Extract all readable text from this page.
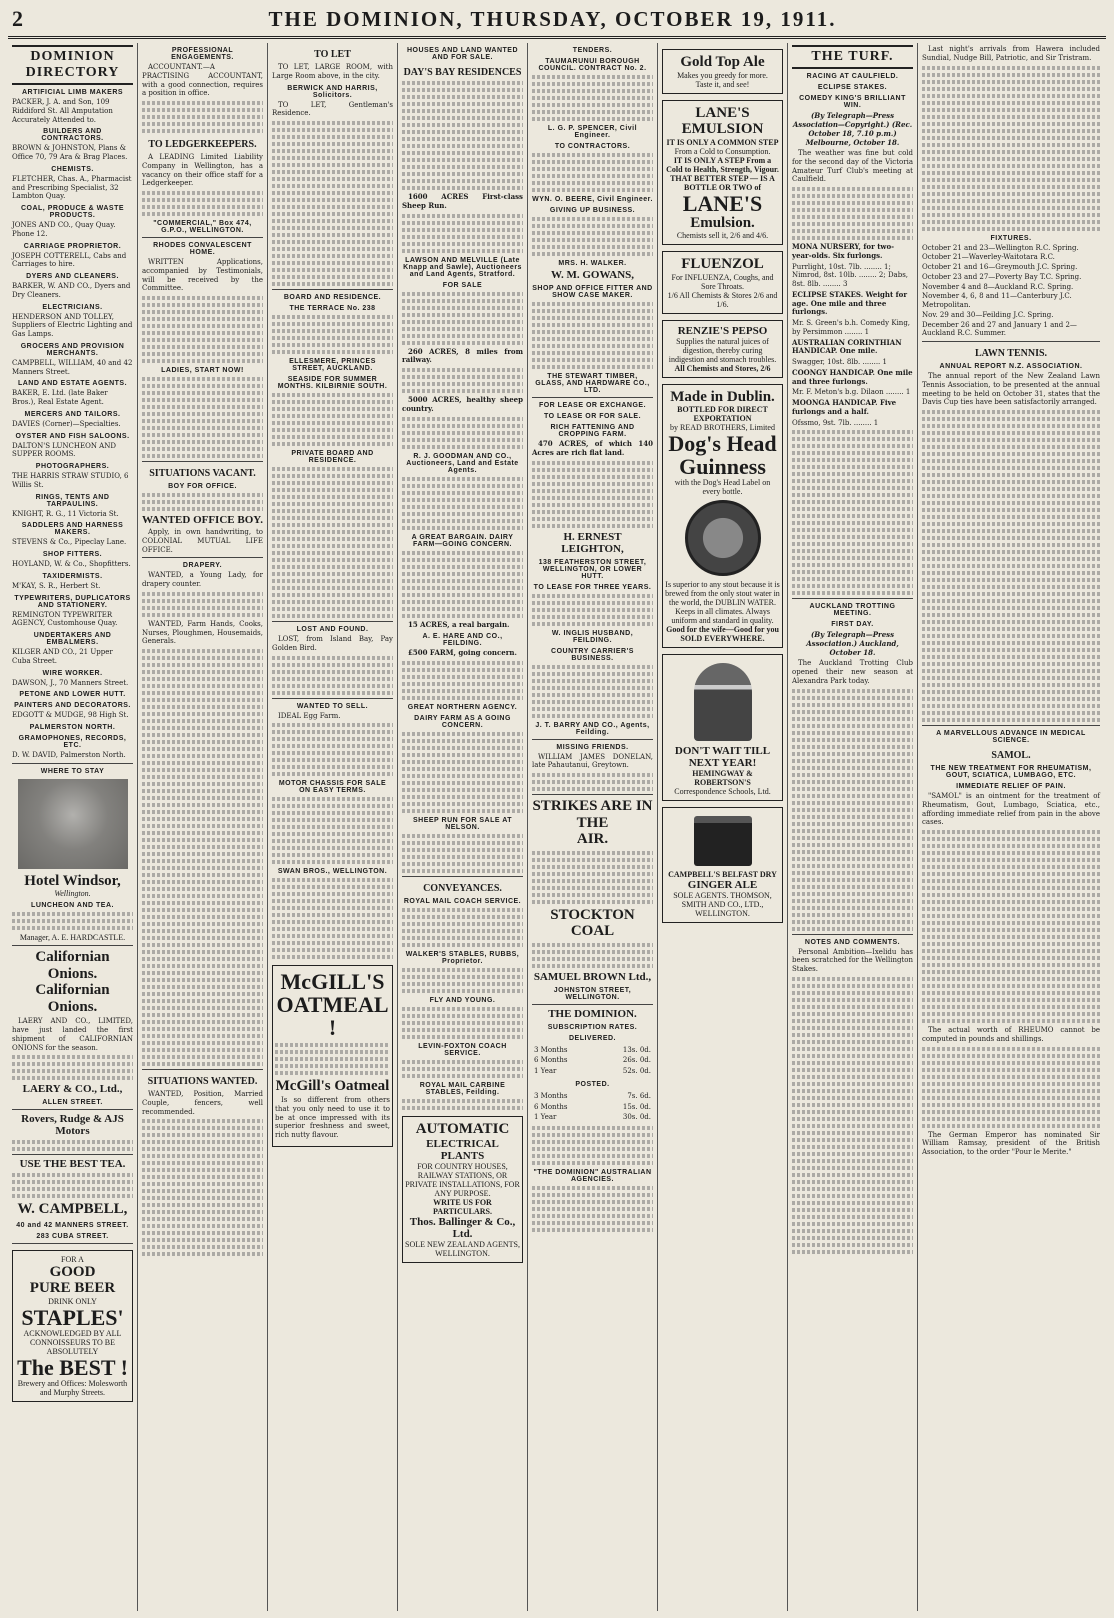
2	THE DOMINION, THURSDAY, OCTOBER 19, 1911.
DOMINION DIRECTORY
ARTIFICIAL LIMB MAKERS
PACKER, J. A. and Son, 109 Riddiford St. All Amputation Accurately Attended to.
BUILDERS AND CONTRACTORS.
BROWN & JOHNSTON, Plans & Office 70, 79 Ara & Brag Places.
CHEMISTS.
FLETCHER, Chas. A., Pharmacist and Prescribing Specialist, 32 Lambton Quay.
COAL, PRODUCE & WASTE PRODUCTS.
JONES AND CO., Quay Quay. Phone 12.
CARRIAGE PROPRIETOR.
JOSEPH COTTERELL, Cabs and Carriages to hire.
DYERS AND CLEANERS.
BARKER, W. AND CO., Dyers and Dry Cleaners.
ELECTRICIANS.
HENDERSON AND TOLLEY, Suppliers of Electric Lighting and Gas Lamps.
GROCERS AND PROVISION MERCHANTS.
CAMPBELL, WILLIAM, 40 and 42 Manners Street.
LAND AND ESTATE AGENTS.
BAKER, E. Ltd. (late Baker Bros.), Real Estate Agent.
MERCERS AND TAILORS.
DAVIES (Corner)—Specialties.
OYSTER AND FISH SALOONS.
DALTON'S LUNCHEON AND SUPPER ROOMS.
PHOTOGRAPHERS.
THE HARRIS STRAW STUDIO, 6 Willis St.
RINGS, TENTS AND TARPAULINS.
KNIGHT, R. G., 11 Victoria St.
SADDLERS AND HARNESS MAKERS.
STEVENS & Co., Pipeclay Lane.
SHOP FITTERS.
HOYLAND, W. & Co., Shopfitters.
TAXIDERMISTS.
M'KAY, S. R., Herbert St.
TYPEWRITERS, DUPLICATORS AND STATIONERY.
REMINGTON TYPEWRITER AGENCY, Customhouse Quay.
UNDERTAKERS AND EMBALMERS.
KILGER AND CO., 21 Upper Cuba Street.
WIRE WORKER.
DAWSON, J., 70 Manners Street.
PETONE AND LOWER HUTT.
PAINTERS AND DECORATORS.
EDGOTT & MUDGE, 98 High St.
PALMERSTON NORTH.
GRAMOPHONES, RECORDS, ETC.
D. W. DAVID, Palmerston North.
WHERE TO STAY
Hotel Windsor,
Wellington.
LUNCHEON AND TEA.
Manager, A. E. HARDCASTLE.
Californian Onions.
Californian Onions.
LAERY AND CO., LIMITED, have just landed the first shipment of CALIFORNIAN ONIONS for the season.
LAERY & CO., Ltd.,
ALLEN STREET.
Rovers, Rudge & AJS Motors
USE THE BEST TEA.
W. CAMPBELL,
40 and 42 MANNERS STREET.
283 CUBA STREET.
FOR A
GOOD
PURE BEER
DRINK ONLY
STAPLES'
ACKNOWLEDGED BY ALL CONNOISSEURS TO BE ABSOLUTELY
The BEST !
Brewery and Offices: Molesworth and Murphy Streets.
PROFESSIONAL ENGAGEMENTS.
ACCOUNTANT.—A PRACTISING ACCOUNTANT, with a good connection, requires a position in office.
TO LEDGERKEEPERS.
A LEADING Limited Liability Company in Wellington, has a vacancy on their office staff for a Ledgerkeeper.
"COMMERCIAL," Box 474, G.P.O., WELLINGTON.
RHODES CONVALESCENT HOME.
WRITTEN Applications, accompanied by Testimonials, will be received by the Committee.
LADIES, START NOW!
SITUATIONS VACANT.
BOY FOR OFFICE.
WANTED OFFICE BOY.
Apply, in own handwriting, to COLONIAL MUTUAL LIFE OFFICE.
DRAPERY.
WANTED, a Young Lady, for drapery counter.
WANTED, Farm Hands, Cooks, Nurses, Ploughmen, Housemaids, Generals.
SITUATIONS WANTED.
WANTED, Position, Married Couple, fencers, well recommended.
TO LET
TO LET, LARGE ROOM, with Large Room above, in the city.
BERWICK AND HARRIS, Solicitors.
TO LET, Gentleman's Residence.
BOARD AND RESIDENCE.
THE TERRACE No. 238
ELLESMERE, PRINCES STREET, AUCKLAND.
SEASIDE FOR SUMMER MONTHS. KILBIRNIE SOUTH.
PRIVATE BOARD AND RESIDENCE.
LOST AND FOUND.
LOST, from Island Bay, Pay Golden Bird.
WANTED TO SELL.
IDEAL Egg Farm.
MOTOR CHASSIS FOR SALE ON EASY TERMS.
SWAN BROS., WELLINGTON.
McGILL'S
OATMEAL !
McGill's Oatmeal
Is so different from others that you only need to use it to be at once impressed with its superior freshness and sweet, rich nutty flavour.
HOUSES AND LAND WANTED AND FOR SALE.
DAY'S BAY RESIDENCES
1600 ACRES First-class Sheep Run.
LAWSON AND MELVILLE (Late Knapp and Sawle), Auctioneers and Land Agents, Stratford.
FOR SALE
260 ACRES, 8 miles from railway.
5000 ACRES, healthy sheep country.
R. J. GOODMAN AND CO., Auctioneers, Land and Estate Agents.
A GREAT BARGAIN. DAIRY FARM—GOING CONCERN.
15 ACRES, a real bargain.
A. E. HARE AND CO., FEILDING.
£500 FARM, going concern.
GREAT NORTHERN AGENCY.
DAIRY FARM AS A GOING CONCERN.
SHEEP RUN FOR SALE AT NELSON.
CONVEYANCES.
ROYAL MAIL COACH SERVICE.
WALKER'S STABLES, RUBBS, Proprietor.
FLY AND YOUNG.
LEVIN-FOXTON COACH SERVICE.
ROYAL MAIL CARBINE STABLES, Feilding.
AUTOMATIC
ELECTRICAL PLANTS
FOR COUNTRY HOUSES, RAILWAY STATIONS, OR PRIVATE INSTALLATIONS, FOR ANY PURPOSE.
WRITE US FOR PARTICULARS.
Thos. Ballinger & Co., Ltd.
SOLE NEW ZEALAND AGENTS, WELLINGTON.
TENDERS.
TAUMARUNUI BOROUGH COUNCIL. CONTRACT No. 2.
L. G. P. SPENCER, Civil Engineer.
TO CONTRACTORS.
WYN. O. BEERE, Civil Engineer.
GIVING UP BUSINESS.
MRS. H. WALKER.
W. M. GOWANS,
SHOP AND OFFICE FITTER AND SHOW CASE MAKER.
THE STEWART TIMBER, GLASS, AND HARDWARE CO., LTD.
FOR LEASE OR EXCHANGE.
TO LEASE OR FOR SALE.
RICH FATTENING AND CROPPING FARM.
470 ACRES, of which 140 Acres are rich flat land.
H. ERNEST LEIGHTON,
138 FEATHERSTON STREET, WELLINGTON, OR LOWER HUTT.
TO LEASE FOR THREE YEARS.
W. INGLIS HUSBAND, FEILDING.
COUNTRY CARRIER'S BUSINESS.
J. T. BARRY AND CO., Agents, Feilding.
MISSING FRIENDS.
WILLIAM JAMES DONELAN, late Pahautanui, Greytown.
STRIKES ARE IN THE
AIR.
STOCKTON COAL
SAMUEL BROWN Ltd.,
JOHNSTON STREET, WELLINGTON.
THE DOMINION.
SUBSCRIPTION RATES.
DELIVERED.
3 Months	13s. 0d.
6 Months	26s. 0d.
1 Year	52s. 0d.
POSTED.
3 Months	7s. 6d.
6 Months	15s. 0d.
1 Year	30s. 0d.
"THE DOMINION" AUSTRALIAN AGENCIES.
Gold Top Ale
Makes you greedy for more.
Taste it, and see!
LANE'S EMULSION
IT IS ONLY A COMMON STEP
From a Cold to Consumption.
IT IS ONLY A STEP From a Cold to Health, Strength, Vigour.
THAT BETTER STEP — IS A BOTTLE OR TWO of
LANE'S
Emulsion.
Chemists sell it, 2/6 and 4/6.
FLUENZOL
For INFLUENZA, Coughs, and Sore Throats.
1/6 All Chemists & Stores 2/6 and 1/6.
RENZIE'S PEPSO
Supplies the natural juices of digestion, thereby curing indigestion and stomach troubles.
All Chemists and Stores, 2/6
Made in Dublin.
BOTTLED FOR DIRECT EXPORTATION
by READ BROTHERS, Limited
Dog's Head
Guinness
with the Dog's Head Label on every bottle.
Is superior to any stout because it is brewed from the only stout water in the world, the DUBLIN WATER.
Keeps in all climates. Always uniform and standard in quality.
Good for the wife—Good for you
SOLD EVERYWHERE.
DON'T WAIT TILL NEXT YEAR!
HEMINGWAY & ROBERTSON'S
Correspondence Schools, Ltd.
CAMPBELL'S BELFAST DRY
GINGER ALE
SOLE AGENTS. THOMSON, SMITH AND CO., LTD., WELLINGTON.
THE TURF.
RACING AT CAULFIELD.
ECLIPSE STAKES.
COMEDY KING'S BRILLIANT WIN.
(By Telegraph—Press Association—Copyright.) (Rec. October 18, 7.10 p.m.) Melbourne, October 18.
The weather was fine but cold for the second day of the Victoria Amateur Turf Club's meeting at Caulfield.
MONA NURSERY, for two-year-olds. Six furlongs.
Purrlight, 10st. 7lb. ........ 1; Nimrod, 8st. 10lb. ........ 2; Dabs, 8st. 8lb. ........ 3
ECLIPSE STAKES. Weight for age. One mile and three furlongs.
Mr. S. Green's b.h. Comedy King, by Persimmon ........ 1
AUSTRALIAN CORINTHIAN HANDICAP. One mile.
Swagger, 10st. 8lb. ........ 1
COONGY HANDICAP. One mile and three furlongs.
Mr. F. Meton's b.g. Dilaon ........ 1
MOONGA HANDICAP. Five furlongs and a half.
Ofssmo, 9st. 7lb. ........ 1
AUCKLAND TROTTING MEETING.
FIRST DAY.
(By Telegraph—Press Association.) Auckland, October 18.
The Auckland Trotting Club opened their new season at Alexandra Park today.
NOTES AND COMMENTS.
Personal Ambition—Ixelidu has been scratched for the Wellington Stakes.
Last night's arrivals from Hawera included Sundial, Nudge Bill, Patriotic, and Sir Tristram.
FIXTURES.
October 21 and 23—Wellington R.C. Spring.
October 21—Waverley-Waitotara R.C.
October 21 and 16—Greymouth J.C. Spring.
October 23 and 27—Poverty Bay T.C. Spring.
November 4 and 8—Auckland R.C. Spring.
November 4, 6, 8 and 11—Canterbury J.C. Metropolitan.
Nov. 29 and 30—Feilding J.C. Spring.
December 26 and 27 and January 1 and 2—Auckland R.C. Summer.
LAWN TENNIS.
ANNUAL REPORT N.Z. ASSOCIATION.
The annual report of the New Zealand Lawn Tennis Association, to be presented at the annual meeting to be held on October 31, states that the Davis Cup ties have been satisfactorily arranged.
A MARVELLOUS ADVANCE IN MEDICAL SCIENCE.
SAMOL.
THE NEW TREATMENT FOR RHEUMATISM, GOUT, SCIATICA, LUMBAGO, ETC.
IMMEDIATE RELIEF OF PAIN.
"SAMOL" is an ointment for the treatment of Rheumatism, Gout, Lumbago, Sciatica, etc., affording immediate relief from pain in the above cases.
The actual worth of RHEUMO cannot be computed in pounds and shillings.
The German Emperor has nominated Sir William Ramsay, president of the British Association, to the order "Pour le Merite."
